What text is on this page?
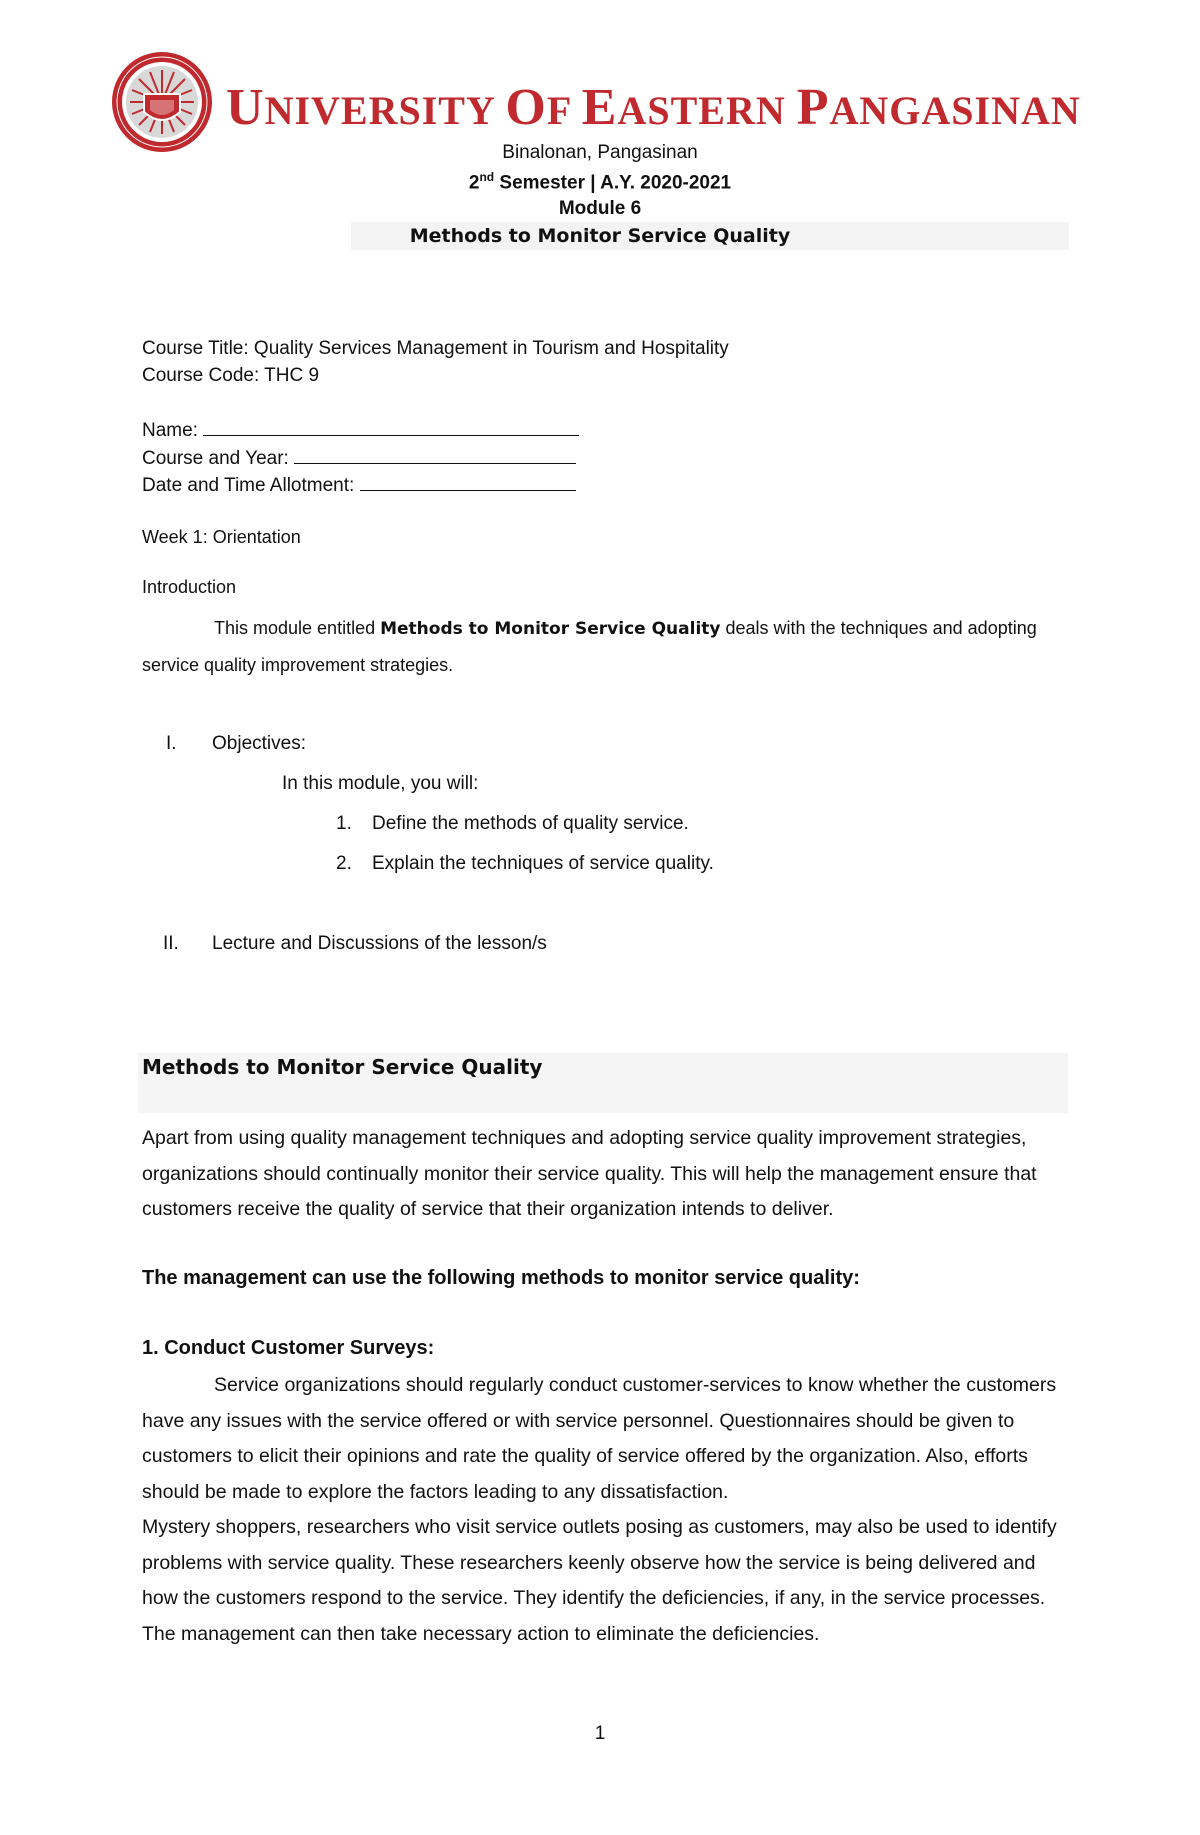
UNIVERSITY OF EASTERN PANGASINAN
Binalonan, Pangasinan
2nd Semester | A.Y. 2020-2021
Module 6
Methods to Monitor Service Quality
Course Title: Quality Services Management in Tourism and Hospitality
Course Code: THC 9
Name:
Course and Year:
Date and Time Allotment:
Week 1: Orientation
Introduction
This module entitled Methods to Monitor Service Quality deals with the techniques and adopting service quality improvement strategies.
I. Objectives:
In this module, you will:
1. Define the methods of quality service.
2. Explain the techniques of service quality.
II. Lecture and Discussions of the lesson/s
Methods to Monitor Service Quality
Apart from using quality management techniques and adopting service quality improvement strategies, organizations should continually monitor their service quality. This will help the management ensure that customers receive the quality of service that their organization intends to deliver.
The management can use the following methods to monitor service quality:
1. Conduct Customer Surveys:
Service organizations should regularly conduct customer-services to know whether the customers have any issues with the service offered or with service personnel. Questionnaires should be given to customers to elicit their opinions and rate the quality of service offered by the organization. Also, efforts should be made to explore the factors leading to any dissatisfaction.
Mystery shoppers, researchers who visit service outlets posing as customers, may also be used to identify problems with service quality. These researchers keenly observe how the service is being delivered and how the customers respond to the service. They identify the deficiencies, if any, in the service processes. The management can then take necessary action to eliminate the deficiencies.
1
